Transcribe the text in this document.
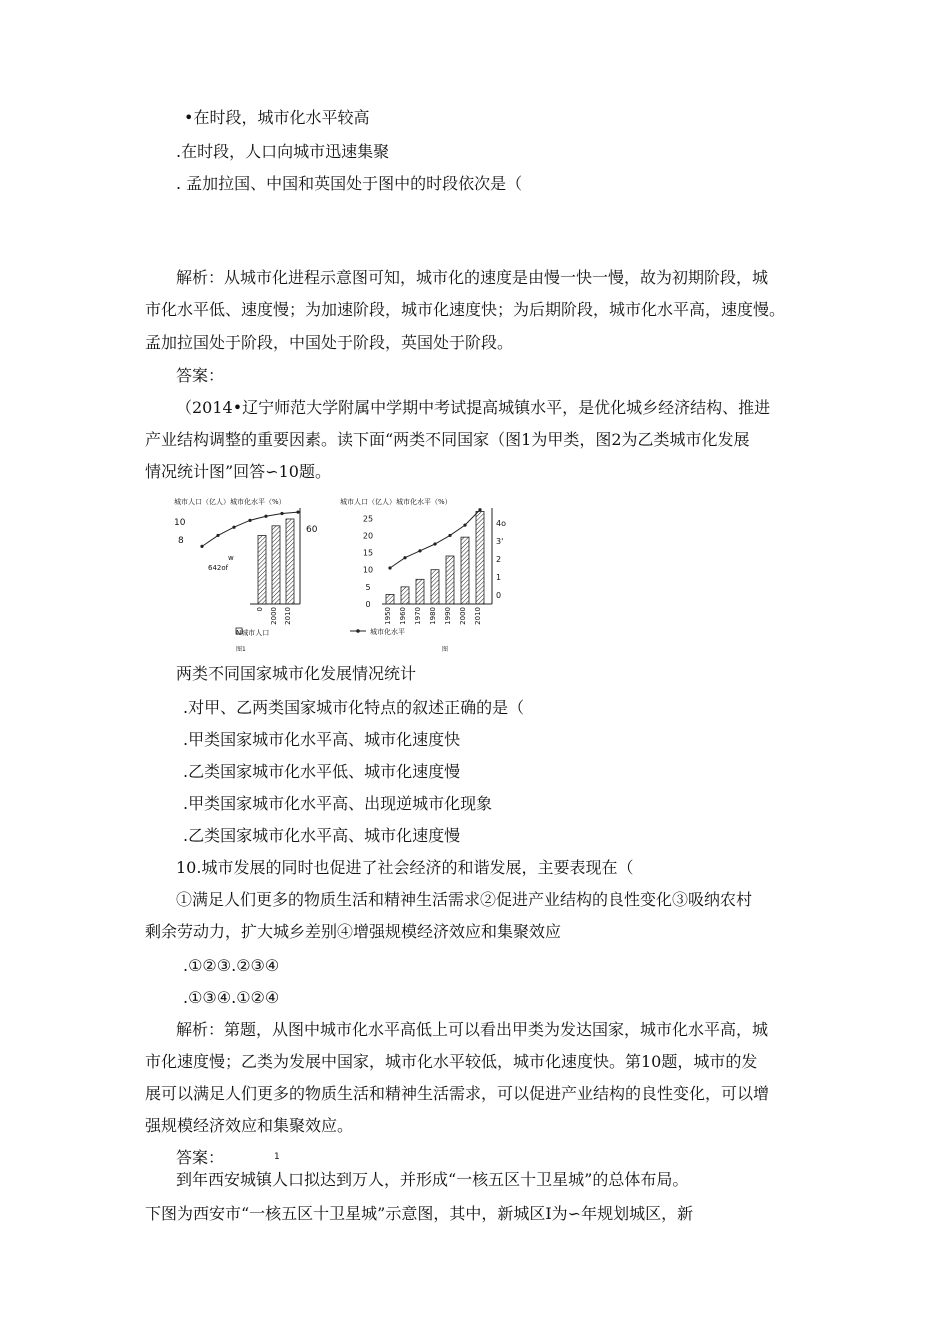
•在时段，城市化水平较高
.在时段，人口向城市迅速集聚
. 孟加拉国、中国和英国处于图中的时段依次是（
解析：从城市化进程示意图可知，城市化的速度是由慢一快一慢，故为初期阶段，城
市化水平低、速度慢；为加速阶段，城市化速度快；为后期阶段，城市化水平高，速度慢。
孟加拉国处于阶段，中国处于阶段，英国处于阶段。
答案：
（2014•辽宁师范大学附属中学期中考试提高城镇水平，是优化城乡经济结构、推进
产业结构调整的重要因素。读下面“两类不同国家（图1为甲类，图2为乙类城市化发展
情况统计图”回答∽10题。
城市人口（亿人）城市化水平（%）
10
8
60
w
642of
0 2000 2010
N城市人口
图1
城市人口（亿人）城市化水平（%）
25
20
15
10
5
0
4o
3'
2
1
0
1950 1960 1970 1980 1990 2000 2010
城市化水平
图
两类不同国家城市化发展情况统计
.对甲、乙两类国家城市化特点的叙述正确的是（
.甲类国家城市化水平高、城市化速度快
.乙类国家城市化水平低、城市化速度慢
.甲类国家城市化水平高、出现逆城市化现象
.乙类国家城市化水平高、城市化速度慢
10.城市发展的同时也促进了社会经济的和谐发展，主要表现在（
①满足人们更多的物质生活和精神生活需求②促进产业结构的良性变化③吸纳农村
剩余劳动力，扩大城乡差别④增强规模经济效应和集聚效应
.①②③.②③④
.①③④.①②④
解析：第题，从图中城市化水平高低上可以看出甲类为发达国家，城市化水平高，城
市化速度慢；乙类为发展中国家，城市化水平较低，城市化速度快。第10题，城市的发
展可以满足人们更多的物质生活和精神生活需求，可以促进产业结构的良性变化，可以增
强规模经济效应和集聚效应。
答案：	1
到年西安城镇人口拟达到万人，并形成“一核五区十卫星城”的总体布局。
下图为西安市“一核五区十卫星城”示意图，其中，新城区Ⅰ为∽年规划城区，新
